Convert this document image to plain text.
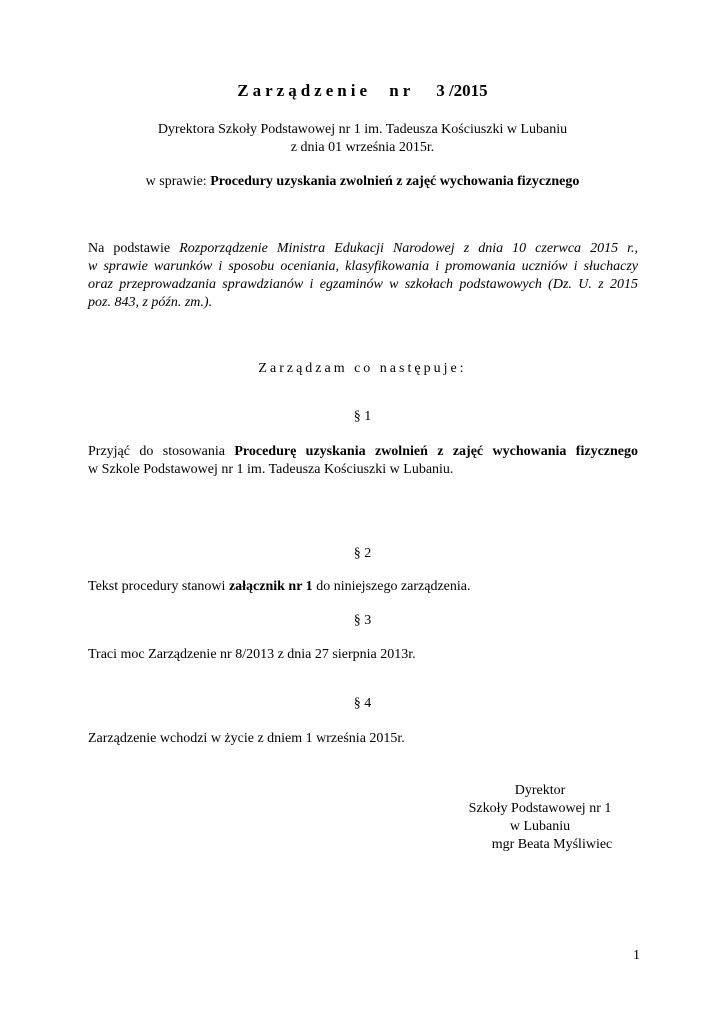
Zarządzenie nr 3 /2015
Dyrektora Szkoły Podstawowej nr 1 im. Tadeusza Kościuszki w Lubaniu
z dnia 01 września 2015r.
w sprawie: Procedury uzyskania zwolnień z zajęć wychowania fizycznego
Na podstawie Rozporządzenie Ministra Edukacji Narodowej z dnia 10 czerwca 2015 r.,
w sprawie warunków i sposobu oceniania, klasyfikowania i promowania uczniów i słuchaczy
oraz przeprowadzania sprawdzianów i egzaminów w szkołach podstawowych (Dz. U. z 2015
poz. 843, z późn. zm.).
Zarządzam co następuje:
§ 1
Przyjąć do stosowania Procedurę uzyskania zwolnień z zajęć wychowania fizycznego
w Szkole Podstawowej nr 1 im. Tadeusza Kościuszki w Lubaniu.
§ 2
Tekst procedury stanowi załącznik nr 1 do niniejszego zarządzenia.
§ 3
Traci moc Zarządzenie nr 8/2013 z dnia 27 sierpnia 2013r.
§ 4
Zarządzenie wchodzi w życie z dniem 1 września 2015r.
Dyrektor
Szkoły Podstawowej nr 1
w Lubaniu
mgr Beata Myśliwiec
1
